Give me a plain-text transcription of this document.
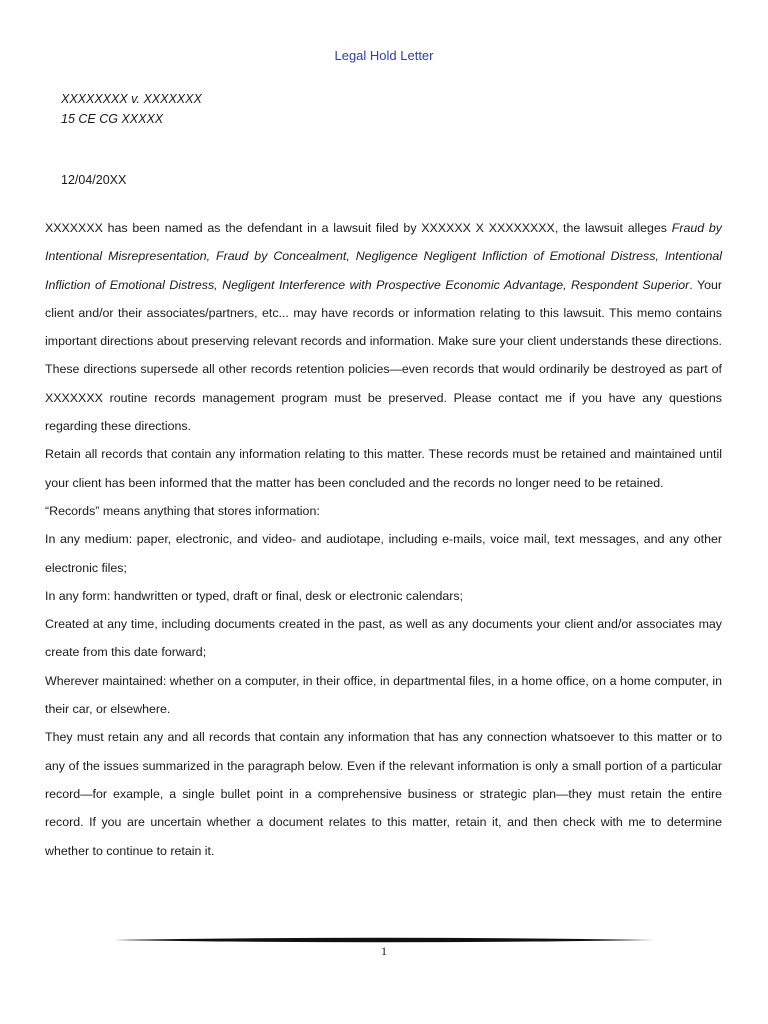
Legal Hold Letter
XXXXXXXX v. XXXXXXX
15 CE CG XXXXX
12/04/20XX

XXXXXXX has been named as the defendant in a lawsuit filed by XXXXXX X XXXXXXXX, the lawsuit alleges Fraud by Intentional Misrepresentation, Fraud by Concealment, Negligence Negligent Infliction of Emotional Distress, Intentional Infliction of Emotional Distress, Negligent Interference with Prospective Economic Advantage, Respondent Superior. Your client and/or their associates/partners, etc... may have records or information relating to this lawsuit. This memo contains important directions about preserving relevant records and information. Make sure your client understands these directions. These directions supersede all other records retention policies—even records that would ordinarily be destroyed as part of XXXXXXX routine records management program must be preserved. Please contact me if you have any questions regarding these directions.

Retain all records that contain any information relating to this matter. These records must be retained and maintained until your client has been informed that the matter has been concluded and the records no longer need to be retained.

“Records” means anything that stores information:

In any medium: paper, electronic, and video- and audiotape, including e-mails, voice mail, text messages, and any other electronic files;

In any form: handwritten or typed, draft or final, desk or electronic calendars;

Created at any time, including documents created in the past, as well as any documents your client and/or associates may create from this date forward;

Wherever maintained: whether on a computer, in their office, in departmental files, in a home office, on a home computer, in their car, or elsewhere.

They must retain any and all records that contain any information that has any connection whatsoever to this matter or to any of the issues summarized in the paragraph below. Even if the relevant information is only a small portion of a particular record—for example, a single bullet point in a comprehensive business or strategic plan—they must retain the entire record. If you are uncertain whether a document relates to this matter, retain it, and then check with me to determine whether to continue to retain it.

1
